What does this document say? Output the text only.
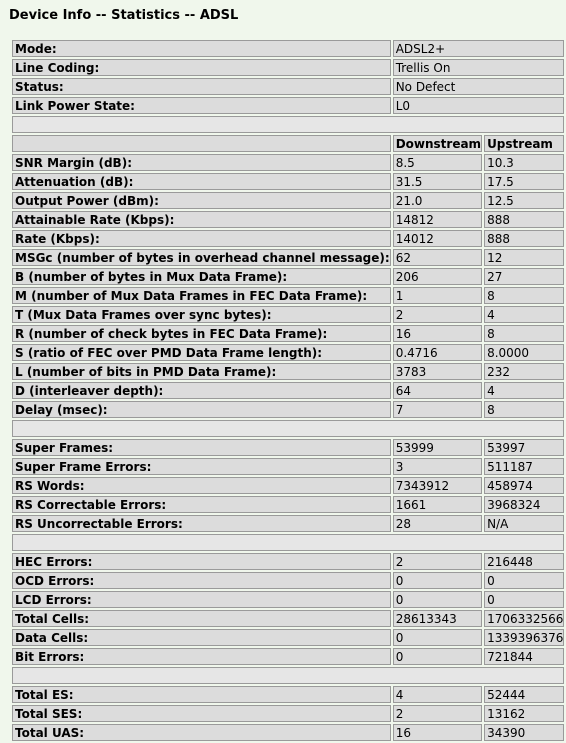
Device Info -- Statistics -- ADSL
Mode:	ADSL2+	
Line Coding:	Trellis On	
Status:	No Defect	
Link Power State:	L0	

	Downstream	Upstream
SNR Margin (dB):	8.5	10.3
Attenuation (dB):	31.5	17.5
Output Power (dBm):	21.0	12.5
Attainable Rate (Kbps):	14812	888
Rate (Kbps):	14012	888
MSGc (number of bytes in overhead channel message):	62	12
B (number of bytes in Mux Data Frame):	206	27
M (number of Mux Data Frames in FEC Data Frame):	1	8
T (Mux Data Frames over sync bytes):	2	4
R (number of check bytes in FEC Data Frame):	16	8
S (ratio of FEC over PMD Data Frame length):	0.4716	8.0000
L (number of bits in PMD Data Frame):	3783	232
D (interleaver depth):	64	4
Delay (msec):	7	8

Super Frames:	53999	53997
Super Frame Errors:	3	511187
RS Words:	7343912	458974
RS Correctable Errors:	1661	3968324
RS Uncorrectable Errors:	28	N/A

HEC Errors:	2	216448
OCD Errors:	0	0
LCD Errors:	0	0
Total Cells:	28613343	1706332566
Data Cells:	0	1339396376
Bit Errors:	0	721844

Total ES:	4	52444
Total SES:	2	13162
Total UAS:	16	34390
